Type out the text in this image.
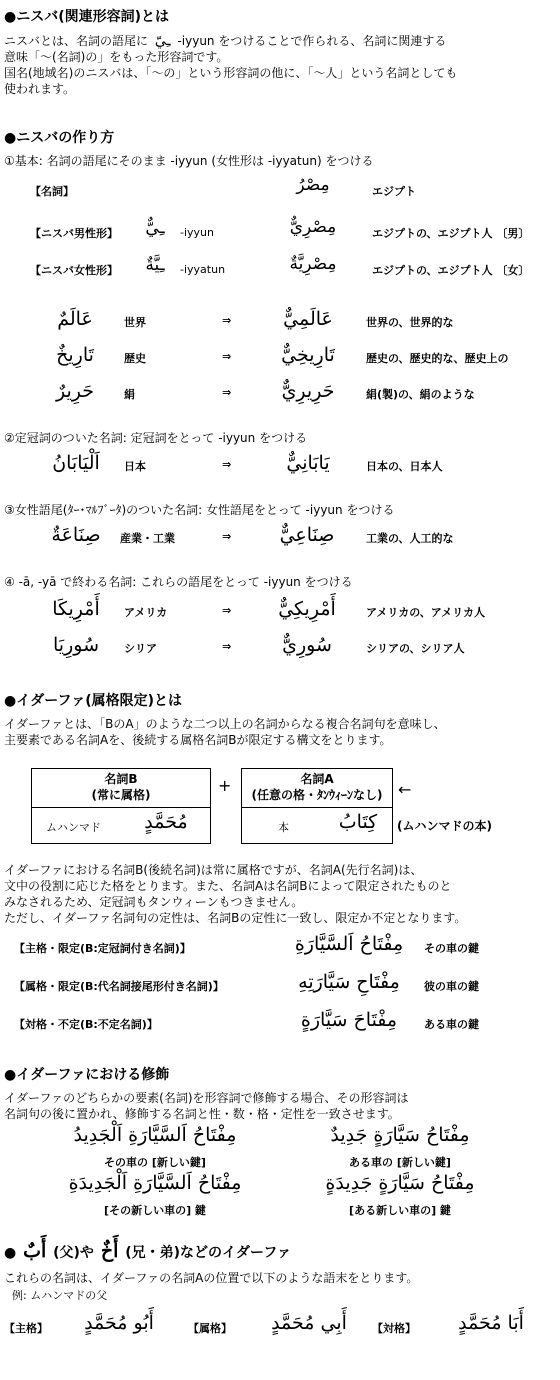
●ニスバ(関連形容詞)とは
ニスバとは、名詞の語尾に ـِيّ -iyyun をつけることで作られる、名詞に関連する
意味「～(名詞)の」をもった形容詞です。
国名(地域名)のニスバは、「～の」という形容詞の他に、「～人」という名詞としても
使われます。
●ニスバの作り方
①基本: 名詞の語尾にそのまま -iyyun (女性形は -iyyatun) をつける
【名詞】	مِصْرُ	エジプト
【ニスバ男性形】	ـِيٌّ	-iyyun	مِصْرِيٌّ	エジプトの、エジプト人 〔男〕
【ニスバ女性形】	ـِيَّةٌ	-iyyatun	مِصْرِيَّةٌ	エジプトの、エジプト人 〔女〕
عَالَمٌ	世界	⇒	عَالَمِيٌّ	世界の、世界的な
تَارِيخٌ	歴史	⇒	تَارِيخِيٌّ	歴史の、歴史的な、歴史上の
حَرِيرٌ	絹	⇒	حَرِيرِيٌّ	絹(製)の、絹のような
②定冠詞のついた名詞: 定冠詞をとって -iyyun をつける
اَلْيَابَانُ	日本	⇒	يَابَانِيٌّ	日本の、日本人
③女性語尾(ﾀｰ･ﾏﾙﾌﾞｰﾀ)のついた名詞: 女性語尾をとって -iyyun をつける
صِنَاعَةٌ	産業・工業	⇒	صِنَاعِيٌّ	工業の、人工的な
④ -ā, -yā で終わる名詞: これらの語尾をとって -iyyun をつける
أَمْرِيكَا	アメリカ	⇒	أَمْرِيكِيٌّ	アメリカの、アメリカ人
سُورِيَا	シリア	⇒	سُورِيٌّ	シリアの、シリア人
●イダーファ(属格限定)とは
イダーファとは、「BのA」のような二つ以上の名詞からなる複合名詞句を意味し、
主要素である名詞Aを、後続する属格名詞Bが限定する構文をとります。
名詞B
(常に属格)
ムハンマド	مُحَمَّدٍ
+	名詞A
(任意の格・ﾀﾝｳｨｰﾝなし)
本	كِتَابُ
←
(ムハンマドの本)
イダーファにおける名詞B(後続名詞)は常に属格ですが、名詞A(先行名詞)は、
文中の役割に応じた格をとります。また、名詞Aは名詞Bによって限定されたものと
みなされるため、定冠詞もタンウィーンもつきません。
ただし、イダーファ名詞句の定性は、名詞Bの定性に一致し、限定か不定となります。
【主格・限定(B:定冠詞付き名詞)】	مِفْتَاحُ اَلسَّيَّارَةِ	その車の鍵
【属格・限定(B:代名詞接尾形付き名詞)】	مِفْتَاحِ سَيَّارَتِهِ	彼の車の鍵
【対格・不定(B:不定名詞)】	مِفْتَاحَ سَيَّارَةٍ	ある車の鍵
●イダーファにおける修飾
イダーファのどちらかの要素(名詞)を形容詞で修飾する場合、その形容詞は
名詞句の後に置かれ、修飾する名詞と性・数・格・定性を一致させます。
مِفْتَاحُ اَلسَّيَّارَةِ اَلْجَدِيدُ
その車の [新しい鍵]
مِفْتَاحُ سَيَّارَةٍ جَدِيدٌ
ある車の [新しい鍵]
مِفْتَاحُ اَلسَّيَّارَةِ اَلْجَدِيدَةِ
[その新しい車の] 鍵
مِفْتَاحُ سَيَّارَةٍ جَدِيدَةٍ
[ある新しい車の] 鍵
● أَبٌ (父)や أَخٌ (兄・弟)などのイダーファ
これらの名詞は、イダーファの名詞Aの位置で以下のような語末をとります。
例: ムハンマドの父
【主格】	أَبُو مُحَمَّدٍ	【属格】	أَبِي مُحَمَّدٍ	【対格】	أَبَا مُحَمَّدٍ
